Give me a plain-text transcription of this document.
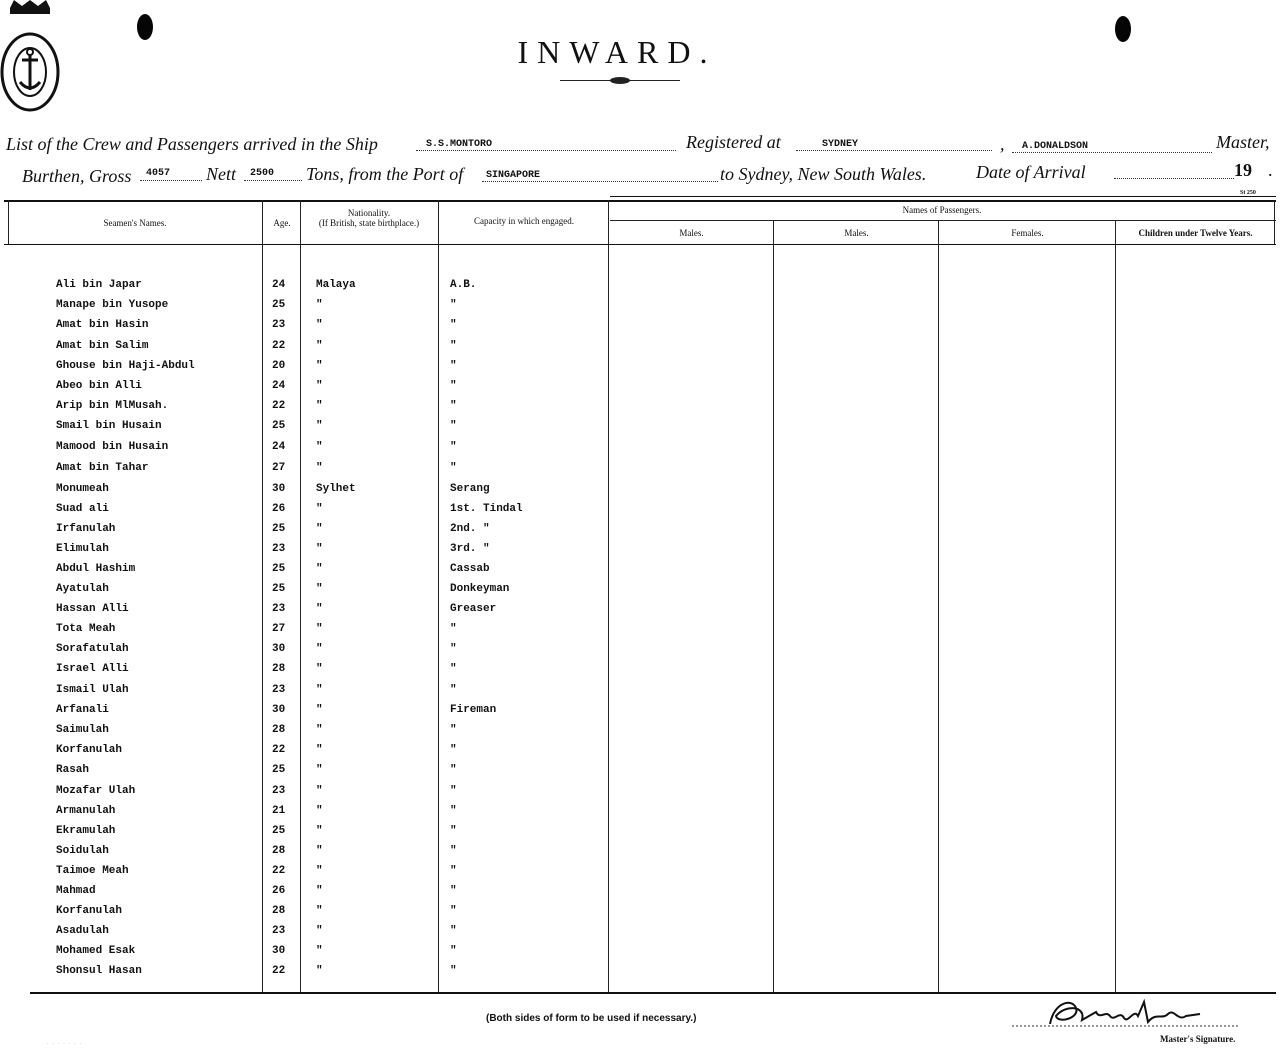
INWARD.
List of the Crew and Passengers arrived in the Ship	S.S.MONTORO	Registered at	SYDNEY	, A.DONALDSON	Master,
Burthen, Gross 4057 Nett 2500 Tons, from the Port of SINGAPORE	to Sydney, New South Wales.	Date of Arrival	19 .
St 250
Seamen's Names.	Age.
Nationality.
(If British, state birthplace.)	Capacity in which engaged.
Names of Passengers.
Males.	Males.	Females.	Children under Twelve Years.
Ali bin Japar	24	Malaya	A.B.
Manape bin Yusope	25	"	"
Amat bin Hasin	23	"	"
Amat bin Salim	22	"	"
Ghouse bin Haji-Abdul	20	"	"
Abeo bin Alli	24	"	"
Arip bin MlMusah.	22	"	"
Smail bin Husain	25	"	"
Mamood bin Husain	24	"	"
Amat bin Tahar	27	"	"
Monumeah	30	Sylhet	Serang
Suad ali	26	"	1st. Tindal
Irfanulah	25	"	2nd. "
Elimulah	23	"	3rd. "
Abdul Hashim	25	"	Cassab
Ayatulah	25	"	Donkeyman
Hassan Alli	23	"	Greaser
Tota Meah	27	"	"
Sorafatulah	30	"	"
Israel Alli	28	"	"
Ismail Ulah	23	"	"
Arfanali	30	"	Fireman
Saimulah	28	"	"
Korfanulah	22	"	"
Rasah	25	"	"
Mozafar Ulah	23	"	"
Armanulah	21	"	"
Ekramulah	25	"	"
Soidulah	28	"	"
Taimoe Meah	22	"	"
Mahmad	26	"	"
Korfanulah	28	"	"
Asadulah	23	"	"
Mohamed Esak	30	"	"
Shonsul Hasan	22	"	"
(Both sides of form to be used if necessary.)
Master's Signature.
· · · · · · ·
